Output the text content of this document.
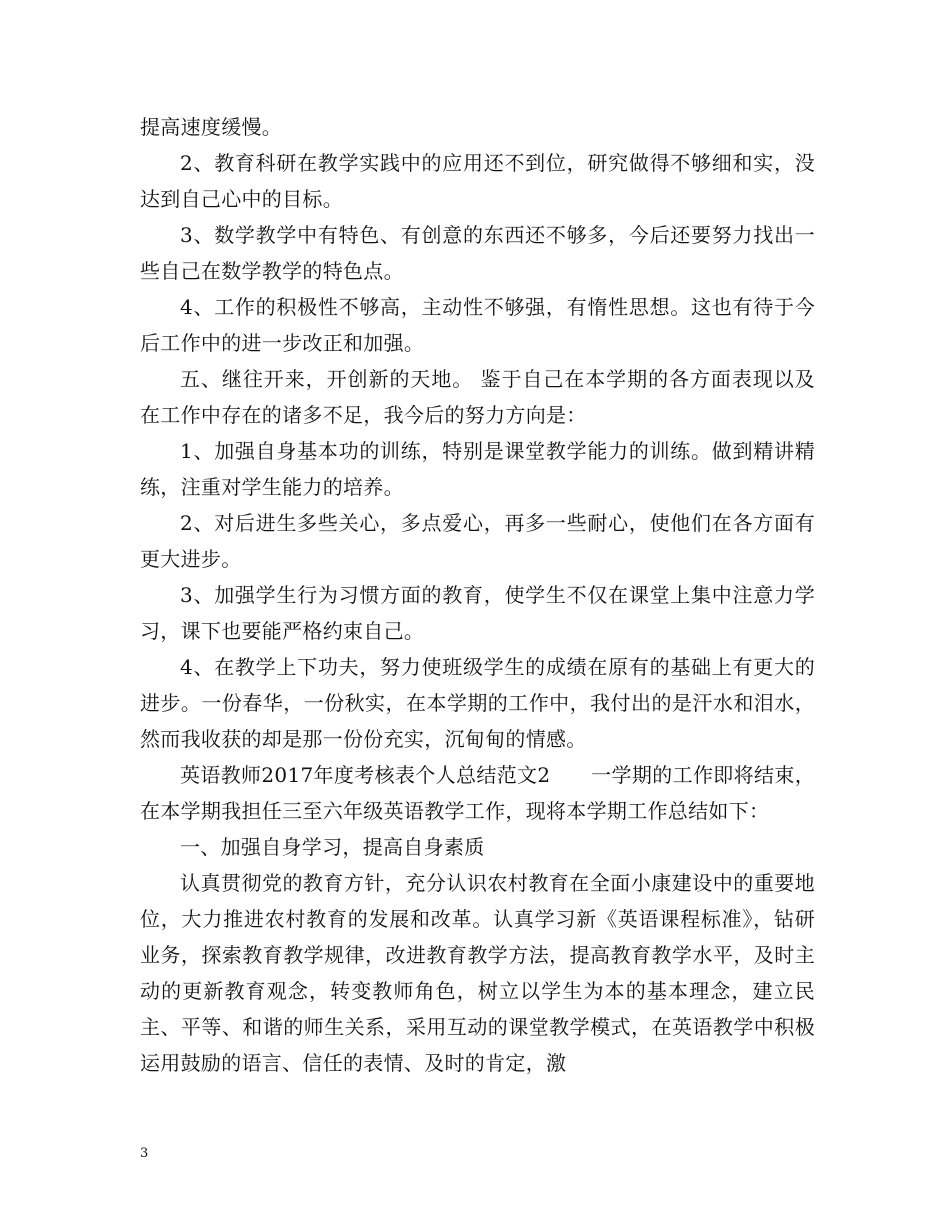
提高速度缓慢。

2、教育科研在教学实践中的应用还不到位，研究做得不够细和实，没达到自己心中的目标。

3、数学教学中有特色、有创意的东西还不够多，今后还要努力找出一些自己在数学教学的特色点。

4、工作的积极性不够高，主动性不够强，有惰性思想。这也有待于今后工作中的进一步改正和加强。

五、继往开来，开创新的天地。 鉴于自己在本学期的各方面表现以及在工作中存在的诸多不足，我今后的努力方向是：

1、加强自身基本功的训练，特别是课堂教学能力的训练。做到精讲精练，注重对学生能力的培养。

2、对后进生多些关心，多点爱心，再多一些耐心，使他们在各方面有更大进步。

3、加强学生行为习惯方面的教育，使学生不仅在课堂上集中注意力学习，课下也要能严格约束自己。

4、在教学上下功夫，努力使班级学生的成绩在原有的基础上有更大的进步。一份春华，一份秋实，在本学期的工作中，我付出的是汗水和泪水，然而我收获的却是那一份份充实，沉甸甸的情感。

英语教师2017年度考核表个人总结范文2　　一学期的工作即将结束，在本学期我担任三至六年级英语教学工作，现将本学期工作总结如下：

一、加强自身学习，提高自身素质

认真贯彻党的教育方针，充分认识农村教育在全面小康建设中的重要地位，大力推进农村教育的发展和改革。认真学习新《英语课程标准》，钻研业务，探索教育教学规律，改进教育教学方法，提高教育教学水平，及时主动的更新教育观念，转变教师角色，树立以学生为本的基本理念，建立民主、平等、和谐的师生关系，采用互动的课堂教学模式，在英语教学中积极运用鼓励的语言、信任的表情、及时的肯定，激

3
